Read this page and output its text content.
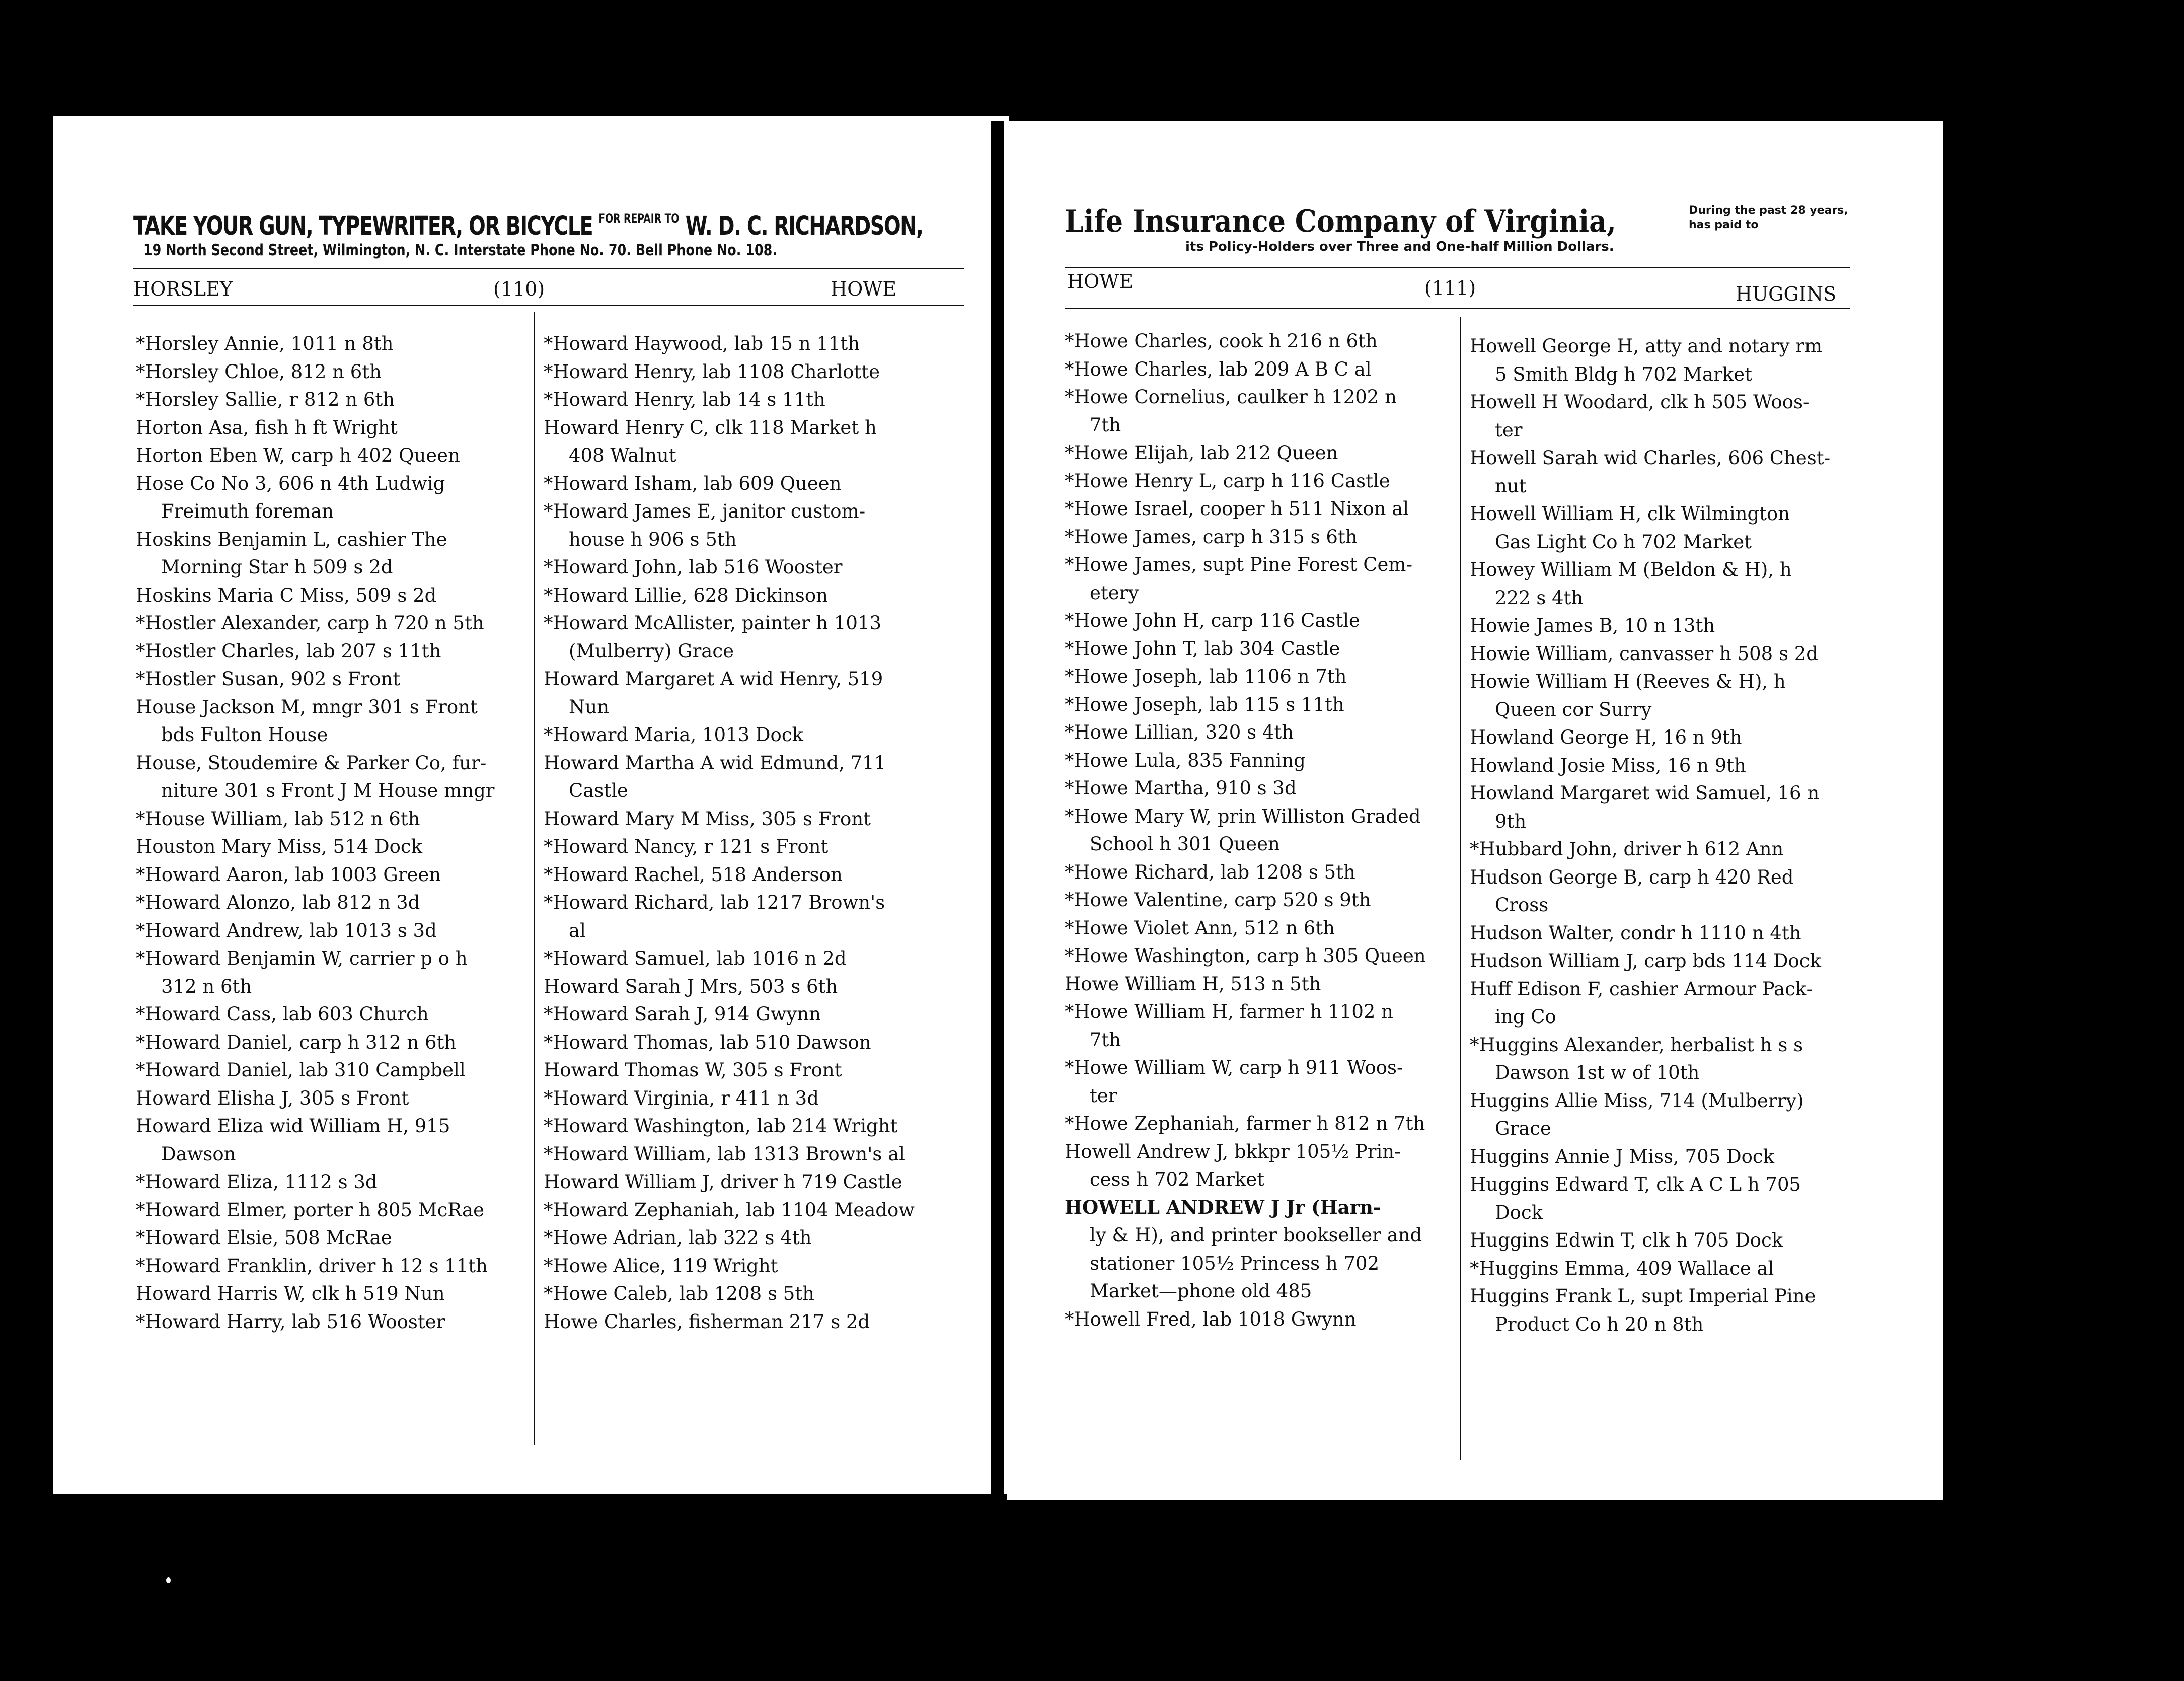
TAKE YOUR GUN, TYPEWRITER, OR BICYCLE $^{FOR REPAIR TO}$ W. D. C. RICHARDSON,
19 North Second Street, Wilmington, N. C. Interstate Phone No. 70. Bell Phone No. 108.
HORSLEY	(110)	HOWE
*Horsley Annie, 1011 n 8th
*Horsley Chloe, 812 n 6th
*Horsley Sallie, r 812 n 6th
Horton Asa, fish h ft Wright
Horton Eben W, carp h 402 Queen
Hose Co No 3, 606 n 4th Ludwig
Freimuth foreman
Hoskins Benjamin L, cashier The
Morning Star h 509 s 2d
Hoskins Maria C Miss, 509 s 2d
*Hostler Alexander, carp h 720 n 5th
*Hostler Charles, lab 207 s 11th
*Hostler Susan, 902 s Front
House Jackson M, mngr 301 s Front
bds Fulton House
House, Stoudemire & Parker Co, fur-
niture 301 s Front J M House mngr
*House William, lab 512 n 6th
Houston Mary Miss, 514 Dock
*Howard Aaron, lab 1003 Green
*Howard Alonzo, lab 812 n 3d
*Howard Andrew, lab 1013 s 3d
*Howard Benjamin W, carrier p o h
312 n 6th
*Howard Cass, lab 603 Church
*Howard Daniel, carp h 312 n 6th
*Howard Daniel, lab 310 Campbell
Howard Elisha J, 305 s Front
Howard Eliza wid William H, 915
Dawson
*Howard Eliza, 1112 s 3d
*Howard Elmer, porter h 805 McRae
*Howard Elsie, 508 McRae
*Howard Franklin, driver h 12 s 11th
Howard Harris W, clk h 519 Nun
*Howard Harry, lab 516 Wooster
*Howard Haywood, lab 15 n 11th
*Howard Henry, lab 1108 Charlotte
*Howard Henry, lab 14 s 11th
Howard Henry C, clk 118 Market h
408 Walnut
*Howard Isham, lab 609 Queen
*Howard James E, janitor custom-
house h 906 s 5th
*Howard John, lab 516 Wooster
*Howard Lillie, 628 Dickinson
*Howard McAllister, painter h 1013
(Mulberry) Grace
Howard Margaret A wid Henry, 519
Nun
*Howard Maria, 1013 Dock
Howard Martha A wid Edmund, 711
Castle
Howard Mary M Miss, 305 s Front
*Howard Nancy, r 121 s Front
*Howard Rachel, 518 Anderson
*Howard Richard, lab 1217 Brown's
al
*Howard Samuel, lab 1016 n 2d
Howard Sarah J Mrs, 503 s 6th
*Howard Sarah J, 914 Gwynn
*Howard Thomas, lab 510 Dawson
Howard Thomas W, 305 s Front
*Howard Virginia, r 411 n 3d
*Howard Washington, lab 214 Wright
*Howard William, lab 1313 Brown's al
Howard William J, driver h 719 Castle
*Howard Zephaniah, lab 1104 Meadow
*Howe Adrian, lab 322 s 4th
*Howe Alice, 119 Wright
*Howe Caleb, lab 1208 s 5th
Howe Charles, fisherman 217 s 2d
Life Insurance Company of Virginia,	During the past 28 years, has paid to
its Policy-Holders over Three and One-half Million Dollars.
HOWE	(111)	HUGGINS
*Howe Charles, cook h 216 n 6th
*Howe Charles, lab 209 A B C al
*Howe Cornelius, caulker h 1202 n
7th
*Howe Elijah, lab 212 Queen
*Howe Henry L, carp h 116 Castle
*Howe Israel, cooper h 511 Nixon al
*Howe James, carp h 315 s 6th
*Howe James, supt Pine Forest Cem-
etery
*Howe John H, carp 116 Castle
*Howe John T, lab 304 Castle
*Howe Joseph, lab 1106 n 7th
*Howe Joseph, lab 115 s 11th
*Howe Lillian, 320 s 4th
*Howe Lula, 835 Fanning
*Howe Martha, 910 s 3d
*Howe Mary W, prin Williston Graded
School h 301 Queen
*Howe Richard, lab 1208 s 5th
*Howe Valentine, carp 520 s 9th
*Howe Violet Ann, 512 n 6th
*Howe Washington, carp h 305 Queen
Howe William H, 513 n 5th
*Howe William H, farmer h 1102 n
7th
*Howe William W, carp h 911 Woos-
ter
*Howe Zephaniah, farmer h 812 n 7th
Howell Andrew J, bkkpr 105½ Prin-
cess h 702 Market
HOWELL ANDREW J Jr (Harn-
ly & H), and printer bookseller and
stationer 105½ Princess h 702
Market—phone old 485
*Howell Fred, lab 1018 Gwynn
Howell George H, atty and notary rm
5 Smith Bldg h 702 Market
Howell H Woodard, clk h 505 Woos-
ter
Howell Sarah wid Charles, 606 Chest-
nut
Howell William H, clk Wilmington
Gas Light Co h 702 Market
Howey William M (Beldon & H), h
222 s 4th
Howie James B, 10 n 13th
Howie William, canvasser h 508 s 2d
Howie William H (Reeves & H), h
Queen cor Surry
Howland George H, 16 n 9th
Howland Josie Miss, 16 n 9th
Howland Margaret wid Samuel, 16 n
9th
*Hubbard John, driver h 612 Ann
Hudson George B, carp h 420 Red
Cross
Hudson Walter, condr h 1110 n 4th
Hudson William J, carp bds 114 Dock
Huff Edison F, cashier Armour Pack-
ing Co
*Huggins Alexander, herbalist h s s
Dawson 1st w of 10th
Huggins Allie Miss, 714 (Mulberry)
Grace
Huggins Annie J Miss, 705 Dock
Huggins Edward T, clk A C L h 705
Dock
Huggins Edwin T, clk h 705 Dock
*Huggins Emma, 409 Wallace al
Huggins Frank L, supt Imperial Pine
Product Co h 20 n 8th
